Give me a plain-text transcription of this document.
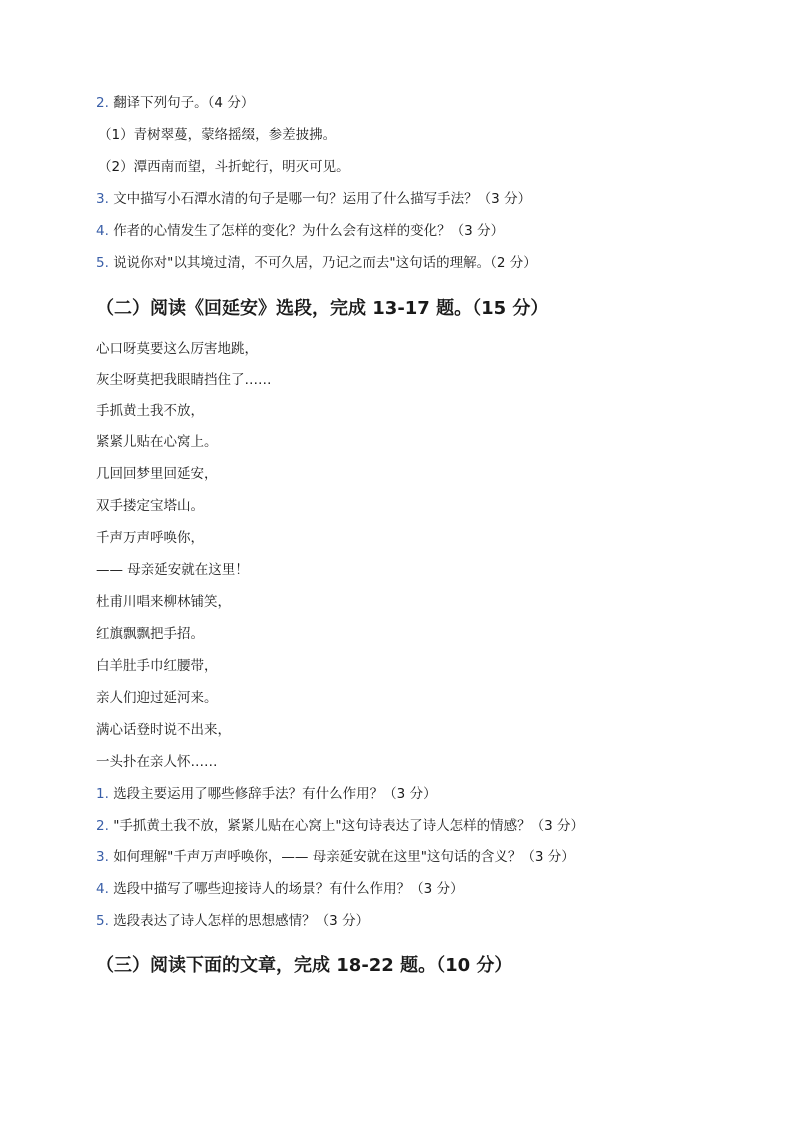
2. 翻译下列句子。（4 分）
（1）青树翠蔓，蒙络摇缀，参差披拂。
（2）潭西南而望，斗折蛇行，明灭可见。
3. 文中描写小石潭水清的句子是哪一句？运用了什么描写手法？（3 分）
4. 作者的心情发生了怎样的变化？为什么会有这样的变化？（3 分）
5. 说说你对"以其境过清，不可久居，乃记之而去"这句话的理解。（2 分）
（二）阅读《回延安》选段，完成 13-17 题。（15 分）
心口呀莫要这么厉害地跳，
灰尘呀莫把我眼睛挡住了……
手抓黄土我不放，
紧紧儿贴在心窝上。
几回回梦里回延安，
双手搂定宝塔山。
千声万声呼唤你，
—— 母亲延安就在这里！
杜甫川唱来柳林铺笑，
红旗飘飘把手招。
白羊肚手巾红腰带，
亲人们迎过延河来。
满心话登时说不出来，
一头扑在亲人怀……
1. 选段主要运用了哪些修辞手法？有什么作用？（3 分）
2. "手抓黄土我不放，紧紧儿贴在心窝上"这句诗表达了诗人怎样的情感？（3 分）
3. 如何理解"千声万声呼唤你，—— 母亲延安就在这里"这句话的含义？（3 分）
4. 选段中描写了哪些迎接诗人的场景？有什么作用？（3 分）
5. 选段表达了诗人怎样的思想感情？（3 分）
（三）阅读下面的文章，完成 18-22 题。（10 分）
